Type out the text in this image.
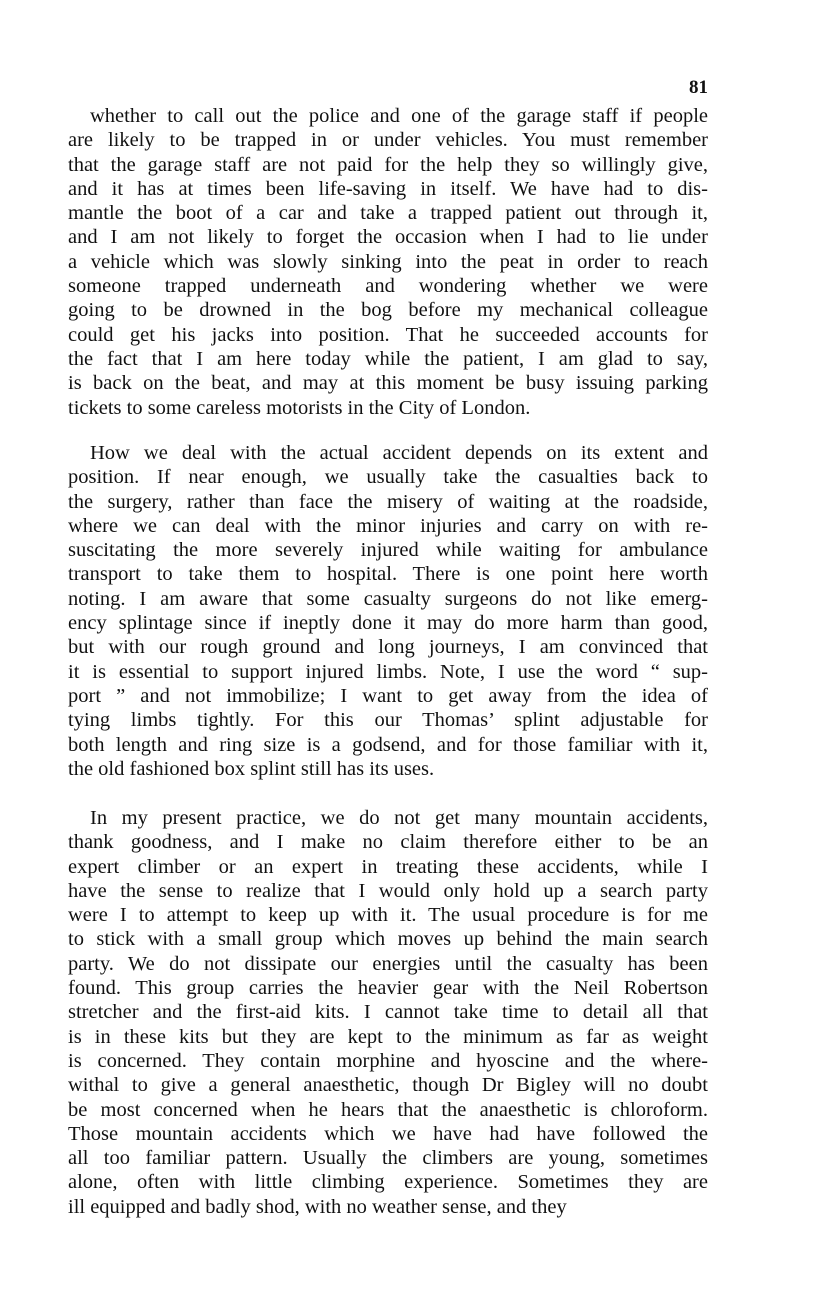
81
whether to call out the police and one of the garage staff if people
are likely to be trapped in or under vehicles. You must remember
that the garage staff are not paid for the help they so willingly give,
and it has at times been life-saving in itself. We have had to dis-
mantle the boot of a car and take a trapped patient out through it,
and I am not likely to forget the occasion when I had to lie under
a vehicle which was slowly sinking into the peat in order to reach
someone trapped underneath and wondering whether we were
going to be drowned in the bog before my mechanical colleague
could get his jacks into position. That he succeeded accounts for
the fact that I am here today while the patient, I am glad to say,
is back on the beat, and may at this moment be busy issuing parking
tickets to some careless motorists in the City of London.
How we deal with the actual accident depends on its extent and
position. If near enough, we usually take the casualties back to
the surgery, rather than face the misery of waiting at the roadside,
where we can deal with the minor injuries and carry on with re-
suscitating the more severely injured while waiting for ambulance
transport to take them to hospital. There is one point here worth
noting. I am aware that some casualty surgeons do not like emerg-
ency splintage since if ineptly done it may do more harm than good,
but with our rough ground and long journeys, I am convinced that
it is essential to support injured limbs. Note, I use the word “ sup-
port ” and not immobilize; I want to get away from the idea of
tying limbs tightly. For this our Thomas’ splint adjustable for
both length and ring size is a godsend, and for those familiar with it,
the old fashioned box splint still has its uses.
In my present practice, we do not get many mountain accidents,
thank goodness, and I make no claim therefore either to be an
expert climber or an expert in treating these accidents, while I
have the sense to realize that I would only hold up a search party
were I to attempt to keep up with it. The usual procedure is for me
to stick with a small group which moves up behind the main search
party. We do not dissipate our energies until the casualty has been
found. This group carries the heavier gear with the Neil Robertson
stretcher and the first-aid kits. I cannot take time to detail all that
is in these kits but they are kept to the minimum as far as weight
is concerned. They contain morphine and hyoscine and the where-
withal to give a general anaesthetic, though Dr Bigley will no doubt
be most concerned when he hears that the anaesthetic is chloroform.
Those mountain accidents which we have had have followed the
all too familiar pattern. Usually the climbers are young, sometimes
alone, often with little climbing experience. Sometimes they are
ill equipped and badly shod, with no weather sense, and they
